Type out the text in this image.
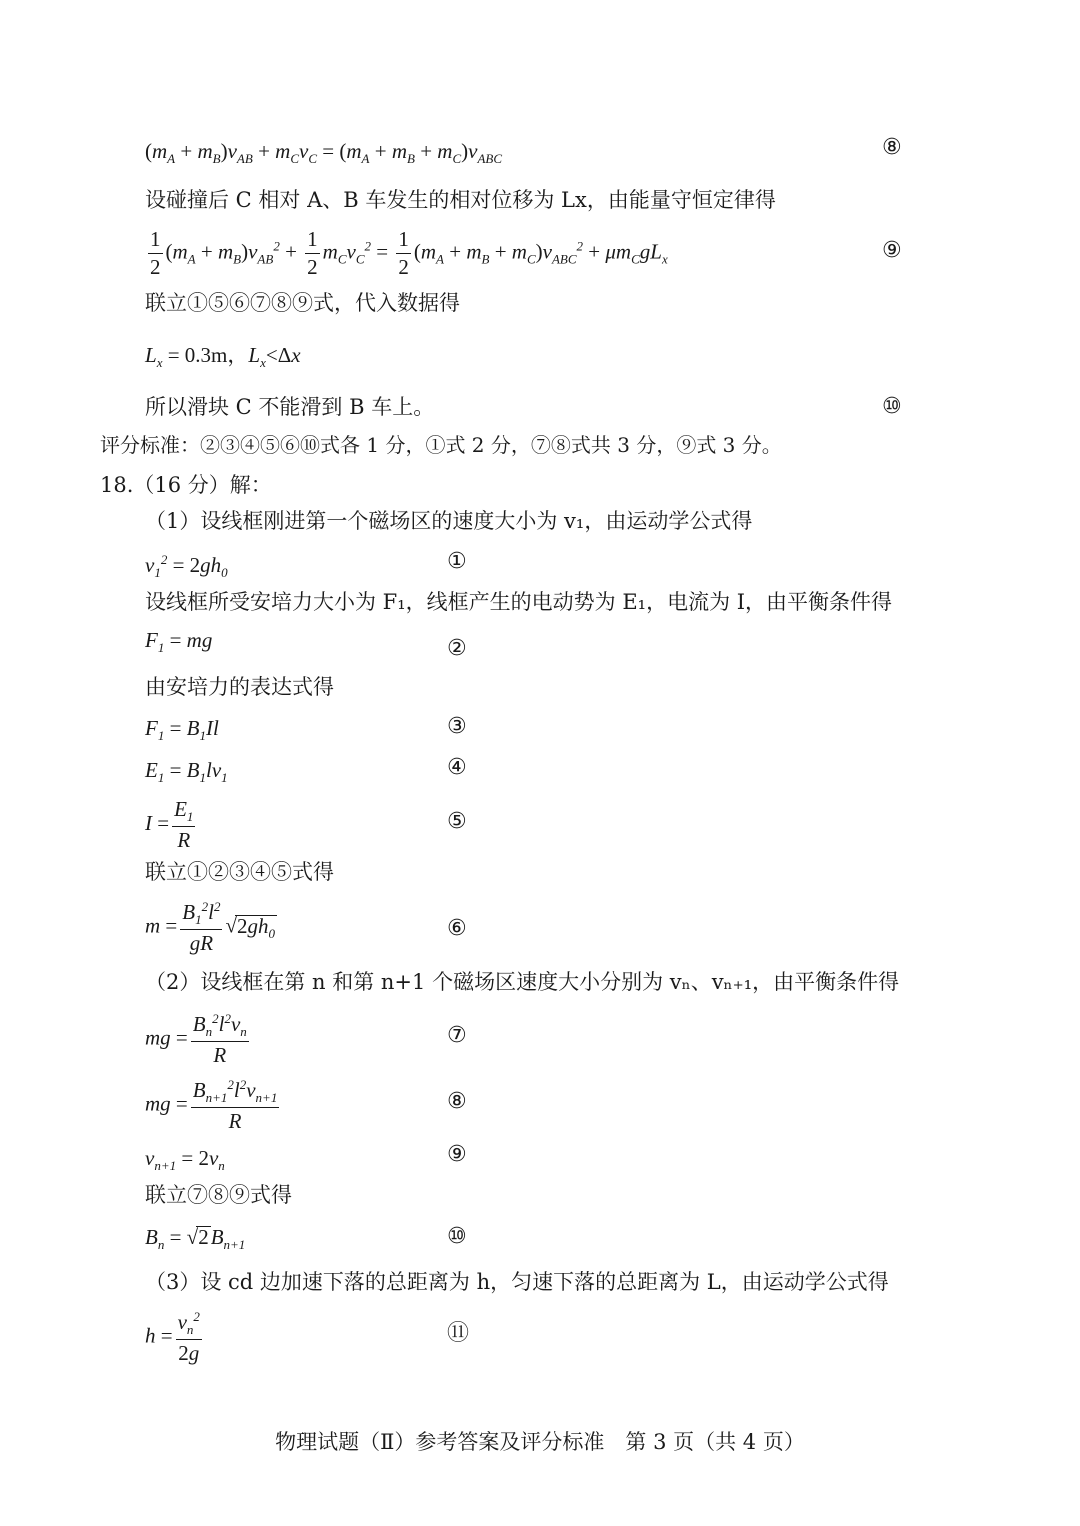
$(m_A + m_B)v_{AB} + m_Cv_C = (m_A + m_B + m_C)v_{ABC}$	⑧
设碰撞后 C 相对 A、B 车发生的相对位移为 Lx，由能量守恒定律得
$\frac{1}{2} (m_A + m_B)v_{AB}^2 + \frac{1}{2} m_Cv_C^2 = \frac{1}{2} (m_A + m_B + m_C)v_{ABC}^2 + \mu m_CgL_x$	⑨
联立①⑤⑥⑦⑧⑨式，代入数据得
$L_x = 0.3m$，$L_x<\Delta x$
所以滑块 C 不能滑到 B 车上。	⑩
评分标准：②③④⑤⑥⑩式各 1 分，①式 2 分，⑦⑧式共 3 分，⑨式 3 分。
18.（16 分）解：
（1）设线框刚进第一个磁场区的速度大小为 v₁，由运动学公式得
$v_1^2 = 2gh_0$	①
设线框所受安培力大小为 F₁，线框产生的电动势为 E₁，电流为 I，由平衡条件得
$F_1$ = mg	②
由安培力的表达式得
$F_1 = B_1Il$	③
$E_1 = B_1lv_1$	④
$I = \frac{E_1}{R}$	⑤
联立①②③④⑤式得
$m = \frac{B_1^2l^2}{gR} √2gh_0$	⑥
（2）设线框在第 n 和第 n+1 个磁场区速度大小分别为 vₙ、vₙ₊₁，由平衡条件得
mg = $\frac{B_n^2l^2v_n}{R}$	⑦
mg = $\frac{B_{n+1}^2l^2v_{n+1}}{R}$	⑧
$v_{n+1} = 2v_n$	⑨
联立⑦⑧⑨式得
$B_n = √2B_{n+1}$	⑩
（3）设 cd 边加速下落的总距离为 h，匀速下落的总距离为 L，由运动学公式得
$h = \frac{v_n^2}{2g}$	⑪
物理试题（Ⅱ）参考答案及评分标准　第 3 页（共 4 页）
